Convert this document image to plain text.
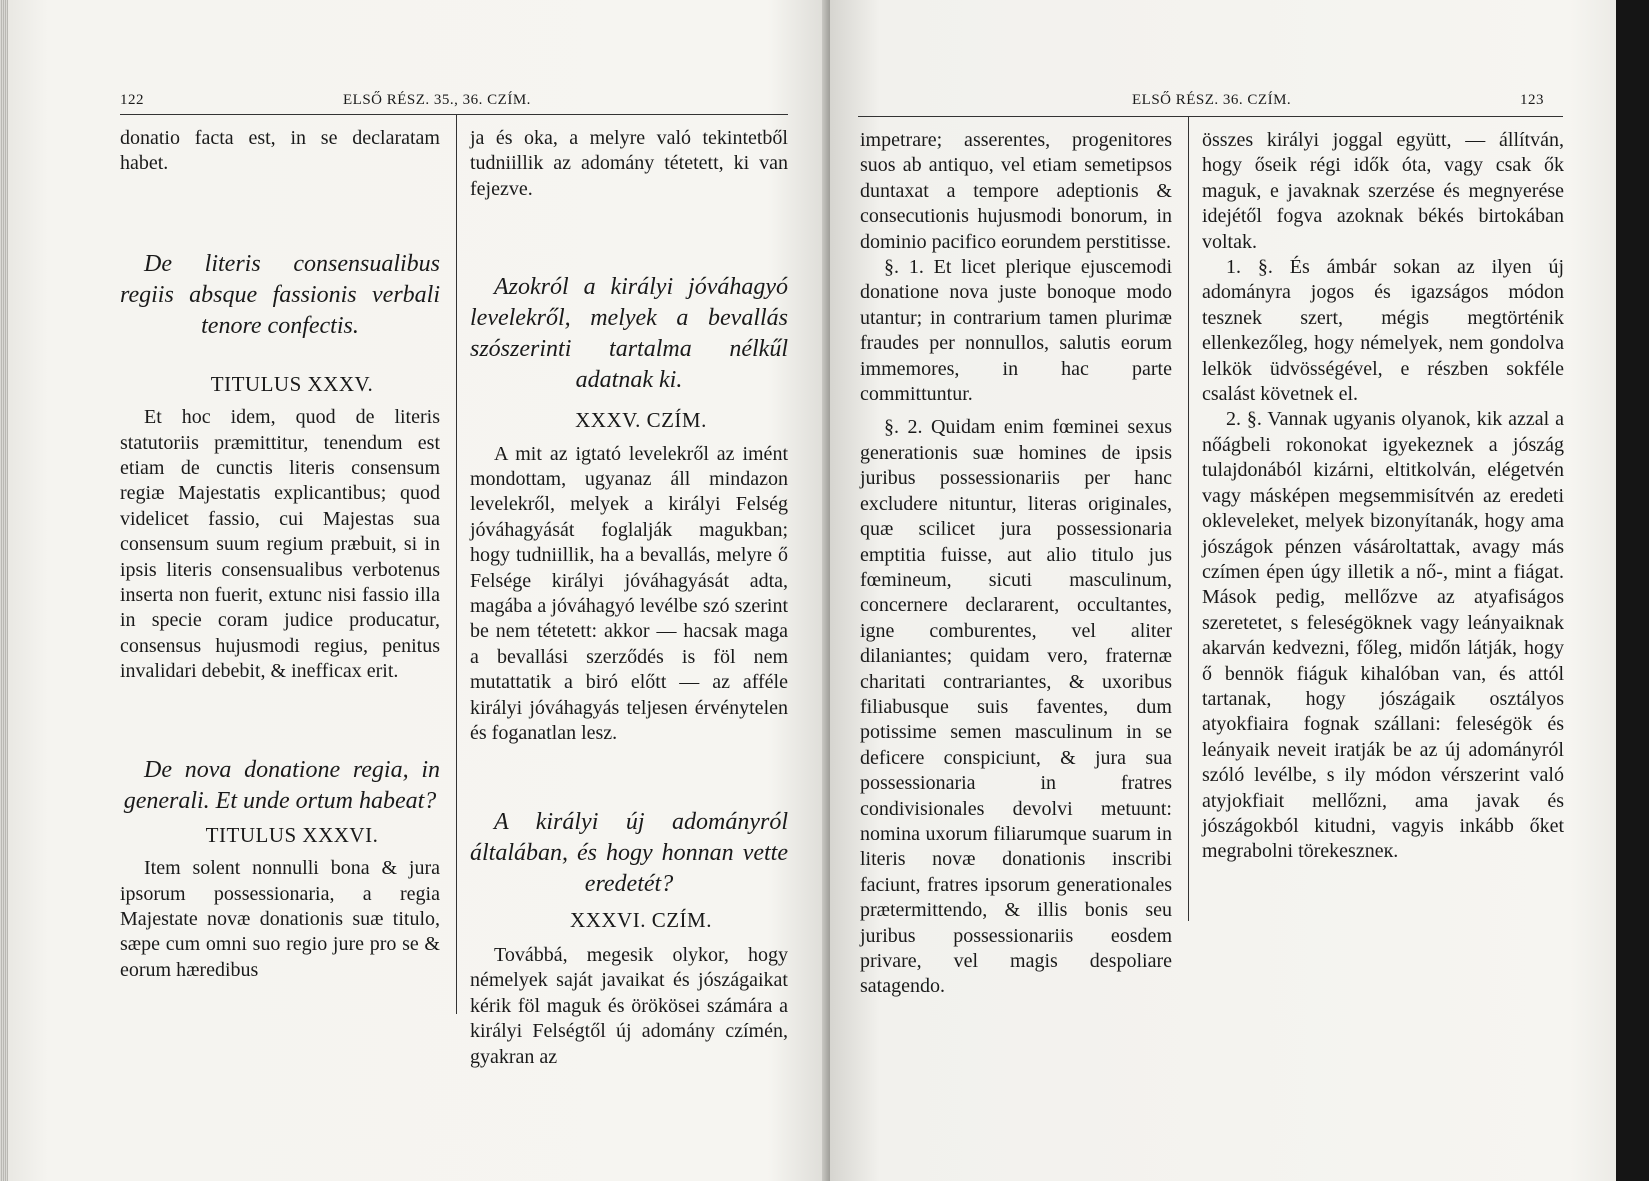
122	ELSŐ RÉSZ. 35., 36. CZÍM.

donatio facta est, in se declaratam habet.

De literis consensualibus regiis absque fassionis verbali tenore confectis.

TITULUS XXXV.

Et hoc idem, quod de literis statutoriis præmittitur, tenendum est etiam de cunctis literis consensum regiæ Majestatis explicantibus; quod videlicet fassio, cui Majestas sua consensum suum regium præbuit, si in ipsis literis consensualibus verbotenus inserta non fuerit, extunc nisi fassio illa in specie coram judice producatur, consensus hujusmodi regius, penitus invalidari debebit, & inefficax erit.

De nova donatione regia, in generali. Et unde ortum habeat?

TITULUS XXXVI.

Item solent nonnulli bona & jura ipsorum possessionaria, a regia Majestate novæ donationis suæ titulo, sæpe cum omni suo regio jure pro se & eorum hæredibus

ja és oka, a melyre való tekintetből tudniillik az adomány tétetett, ki van fejezve.

Azokról a királyi jóváhagyó levelekről, melyek a bevallás szószerinti tartalma nélkűl adatnak ki.

XXXV. CZÍM.

A mit az igtató levelekről az imént mondottam, ugyanaz áll mindazon levelekről, melyek a királyi Felség jóváhagyását foglalják magukban; hogy tudniillik, ha a bevallás, melyre ő Felsége királyi jóváhagyását adta, magába a jóváhagyó levélbe szó szerint be nem tétetett: akkor — hacsak maga a bevallási szerződés is föl nem mutattatik a biró előtt — az afféle királyi jóváhagyás teljesen érvénytelen és foganatlan lesz.

A királyi új adományról általában, és hogy honnan vette eredetét?

XXXVI. CZÍM.

Továbbá, megesik olykor, hogy némelyek saját javaikat és jószágaikat kérik föl maguk és örökösei számára a királyi Felségtől új adomány czímén, gyakran az

ELSŐ RÉSZ. 36. CZÍM.	123

impetrare; asserentes, progenitores suos ab antiquo, vel etiam semetipsos duntaxat a tempore adeptionis & consecutionis hujusmodi bonorum, in dominio pacifico eorundem perstitisse.

§. 1. Et licet plerique ejuscemodi donatione nova juste bonoque modo utantur; in contrarium tamen plurimæ fraudes per nonnullos, salutis eorum immemores, in hac parte committuntur.

§. 2. Quidam enim fœminei sexus generationis suæ homines de ipsis juribus possessionariis per hanc excludere nituntur, literas originales, quæ scilicet jura possessionaria emptitia fuisse, aut alio titulo jus fœmineum, sicuti masculinum, concernere declararent, occultantes, igne comburentes, vel aliter dilaniantes; quidam vero, fraternæ charitati contrariantes, & uxoribus filiabusque suis faventes, dum potissime semen masculinum in se deficere conspiciunt, & jura sua possessionaria in fratres condivisionales devolvi metuunt: nomina uxorum filiarumque suarum in literis novæ donationis inscribi faciunt, fratres ipsorum generationales prætermittendo, & illis bonis seu juribus possessionariis eosdem privare, vel magis despoliare satagendo.

összes királyi joggal együtt, — állítván, hogy őseik régi idők óta, vagy csak ők maguk, e javaknak szerzése és megnyerése idejétől fogva azoknak békés birtokában voltak.

1. §. És ámbár sokan az ilyen új adományra jogos és igazságos módon tesznek szert, mégis megtörténik ellenkezőleg, hogy némelyek, nem gondolva lelkök üdvösségével, e részben sokféle csalást követnek el.

2. §. Vannak ugyanis olyanok, kik azzal a nőágbeli rokonokat igyekeznek a jószág tulajdonából kizárni, eltitkolván, elégetvén vagy másképen megsemmisítvén az eredeti okleveleket, melyek bizonyítanák, hogy ama jószágok pénzen vásároltattak, avagy más czímen épen úgy illetik a nő-, mint a fiágat. Mások pedig, mellőzve az atyafiságos szeretetet, s feleségöknek vagy leányaiknak akarván kedvezni, főleg, midőn látják, hogy ő bennök fiáguk kihalóban van, és attól tartanak, hogy jószágaik osztályos atyokfiaira fognak szállani: feleségök és leányaik neveit iratják be az új adományról szóló levélbe, s ily módon vérszerint való atyjokfiait mellőzni, ama javak és jószágokból kitudni, vagyis inkább őket megrabolni törekeszneк.
